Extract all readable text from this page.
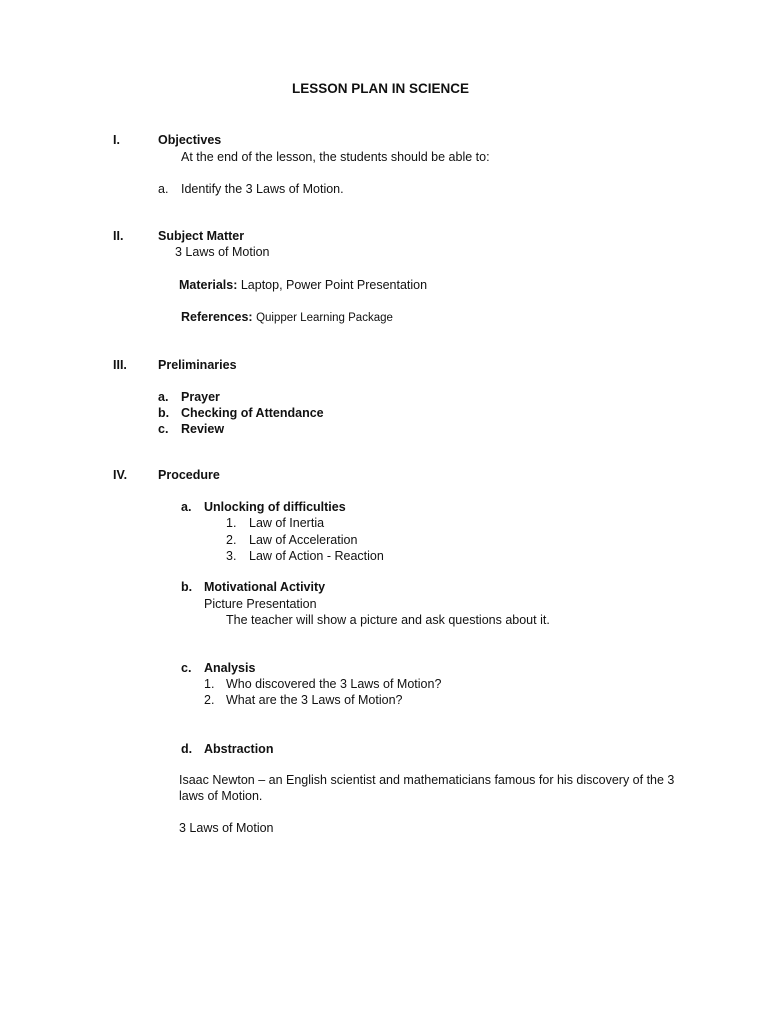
LESSON PLAN IN SCIENCE
I.	Objectives
At the end of the lesson, the students should be able to:
a. Identify the 3 Laws of Motion.
II.	Subject Matter
3 Laws of Motion
Materials: Laptop, Power Point Presentation
References: Quipper Learning Package
III. Preliminaries
a. Prayer
b. Checking of Attendance
c. Review
IV. Procedure
a. Unlocking of difficulties
1. Law of Inertia
2. Law of Acceleration
3. Law of Action - Reaction
b. Motivational Activity
Picture Presentation
The teacher will show a picture and ask questions about it.
c. Analysis
1. Who discovered the 3 Laws of Motion?
2. What are the 3 Laws of Motion?
d. Abstraction
Isaac Newton – an English scientist and mathematicians famous for his discovery of the 3 laws of Motion.
3 Laws of Motion
